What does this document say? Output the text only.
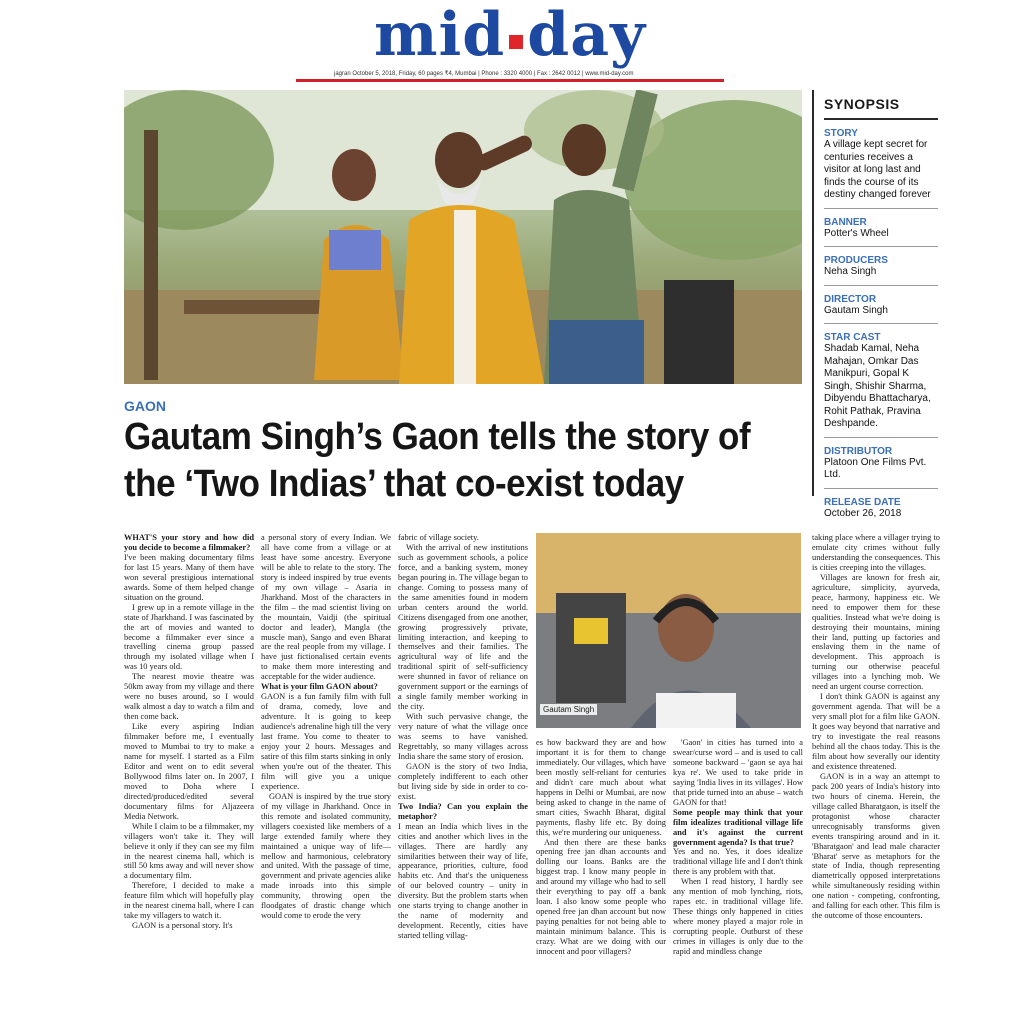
mid day
jagran October 5, 2018, Friday, 60 pages ₹4, Mumbai | Phone : 3320 4000 | Fax : 2642 0012 | www.mid-day.com
SYNOPSIS
STORY
A village kept secret for centuries receives a visitor at long last and finds the course of its destiny changed forever
BANNER
Potter's Wheel
PRODUCERS
Neha Singh
DIRECTOR
Gautam Singh
STAR CAST
Shadab Kamal, Neha Mahajan, Omkar Das Manikpuri, Gopal K Singh, Shishir Sharma, Dibyendu Bhattacharya, Rohit Pathak, Pravina Deshpande.
DISTRIBUTOR
Platoon One Films Pvt. Ltd.
RELEASE DATE
October 26, 2018
GAON
Gautam Singh’s Gaon tells the story of the ‘Two Indias’ that co-exist today
Gautam Singh

WHAT'S your story and how did you decide to become a filmmaker?

I've been making documentary films for last 15 years. Many of them have won several prestigious international awards. Some of them helped change situation on the ground.

I grew up in a remote village in the state of Jharkhand. I was fascinated by the art of movies and wanted to become a filmmaker ever since a travelling cinema group passed through my isolated village when I was 10 years old.

The nearest movie theatre was 50km away from my village and there were no buses around, so I would walk almost a day to watch a film and then come back.

Like every aspiring Indian filmmaker before me, I eventually moved to Mumbai to try to make a name for myself. I started as a Film Editor and went on to edit several Bollywood films later on. In 2007, I moved to Doha where I directed/produced/edited several documentary films for Aljazeera Media Network.

While I claim to be a filmmaker, my villagers won't take it. They will believe it only if they can see my film in the nearest cinema hall, which is still 50 kms away and will never show a documentary film.

Therefore, I decided to make a feature film which will hopefully play in the nearest cinema hall, where I can take my villagers to watch it.

GAON is a personal story. It's

a personal story of every Indian. We all have come from a village or at least have some ancestry. Everyone will be able to relate to the story. The story is indeed inspired by true events of my own village – Asaria in Jharkhand. Most of the characters in the film – the mad scientist living on the mountain, Vaidji (the spiritual doctor and leader), Mangla (the muscle man), Sango and even Bharat are the real people from my village. I have just fictionalised certain events to make them more interesting and acceptable for the wider audience.

What is your film GAON about?

GAON is a fun family film with full of drama, comedy, love and adventure. It is going to keep audience's adrenaline high till the very last frame. You come to theater to enjoy your 2 hours. Messages and satire of this film starts sinking in only when you're out of the theater. This film will give you a unique experience.

GOAN is inspired by the true story of my village in Jharkhand. Once in this remote and isolated community, villagers coexisted like members of a large extended family where they maintained a unique way of life— mellow and harmonious, celebratory and united. With the passage of time, government and private agencies alike made inroads into this simple community, throwing open the floodgates of drastic change which would come to erode the very

fabric of village society.

With the arrival of new institutions such as government schools, a police force, and a banking system, money began pouring in. The village began to change. Coming to possess many of the same amenities found in modern urban centers around the world. Citizens disengaged from one another, growing progressively private, limiting interaction, and keeping to themselves and their families. The agricultural way of life and the traditional spirit of self-sufficiency were shunned in favor of reliance on government support or the earnings of a single family member working in the city.

With such pervasive change, the very nature of what the village once was seems to have vanished. Regrettably, so many villages across India share the same story of erosion.

GAON is the story of two India, completely indifferent to each other but living side by side in order to co-exist.

Two India? Can you explain the metaphor?

I mean an India which lives in the cities and another which lives in the villages. There are hardly any similarities between their way of life, appearance, priorities, culture, food habits etc. And that's the uniqueness of our beloved country – unity in diversity. But the problem starts when one starts trying to change another in the name of modernity and development. Recently, cities have started telling villag-

es how backward they are and how important it is for them to change immediately. Our villages, which have been mostly self-reliant for centuries and didn't care much about what happens in Delhi or Mumbai, are now being asked to change in the name of smart cities, Swachh Bharat, digital payments, flashy life etc. By doing this, we're murdering our uniqueness.

And then there are these banks opening free jan dhan accounts and dolling our loans. Banks are the biggest trap. I know many people in and around my village who had to sell their everything to pay off a bank loan. I also know some people who opened free jan dhan account but now paying penalties for not being able to maintain minimum balance. This is crazy. What are we doing with our innocent and poor villagers?

'Gaon' in cities has turned into a swear/curse word – and is used to call someone backward – 'gaon se aya hai kya re'. We used to take pride in saying 'India lives in its villages'. How that pride turned into an abuse – watch GAON for that!

Some people may think that your film idealizes traditional village life and it's against the current government agenda? Is that true?

Yes and no. Yes, it does idealize traditional village life and I don't think there is any problem with that.

When I read history, I hardly see any mention of mob lynching, riots, rapes etc. in traditional village life. These things only happened in cities where money played a major role in corrupting people. Outburst of these crimes in villages is only due to the rapid and mindless change

taking place where a villager trying to emulate city crimes without fully understanding the consequences. This is cities creeping into the villages.

Villages are known for fresh air, agriculture, simplicity, ayurveda, peace, harmony, happiness etc. We need to empower them for these qualities. Instead what we're doing is destroying their mountains, mining their land, putting up factories and enslaving them in the name of development. This approach is turning our otherwise peaceful villages into a lynching mob. We need an urgent course correction.

I don't think GAON is against any government agenda. That will be a very small plot for a film like GAON. It goes way beyond that narrative and try to investigate the real reasons behind all the chaos today. This is the film about how severally our identity and existence threatened.

GAON is in a way an attempt to pack 200 years of India's history into two hours of cinema. Herein, the village called Bharatgaon, is itself the protagonist whose character unrecognisably transforms given events transpiring around and in it. 'Bharatgaon' and lead male character 'Bharat' serve as metaphors for the state of India, though representing diametrically opposed interpretations while simultaneously residing within one nation - competing, confronting, and falling for each other. This film is the outcome of those encounters.
